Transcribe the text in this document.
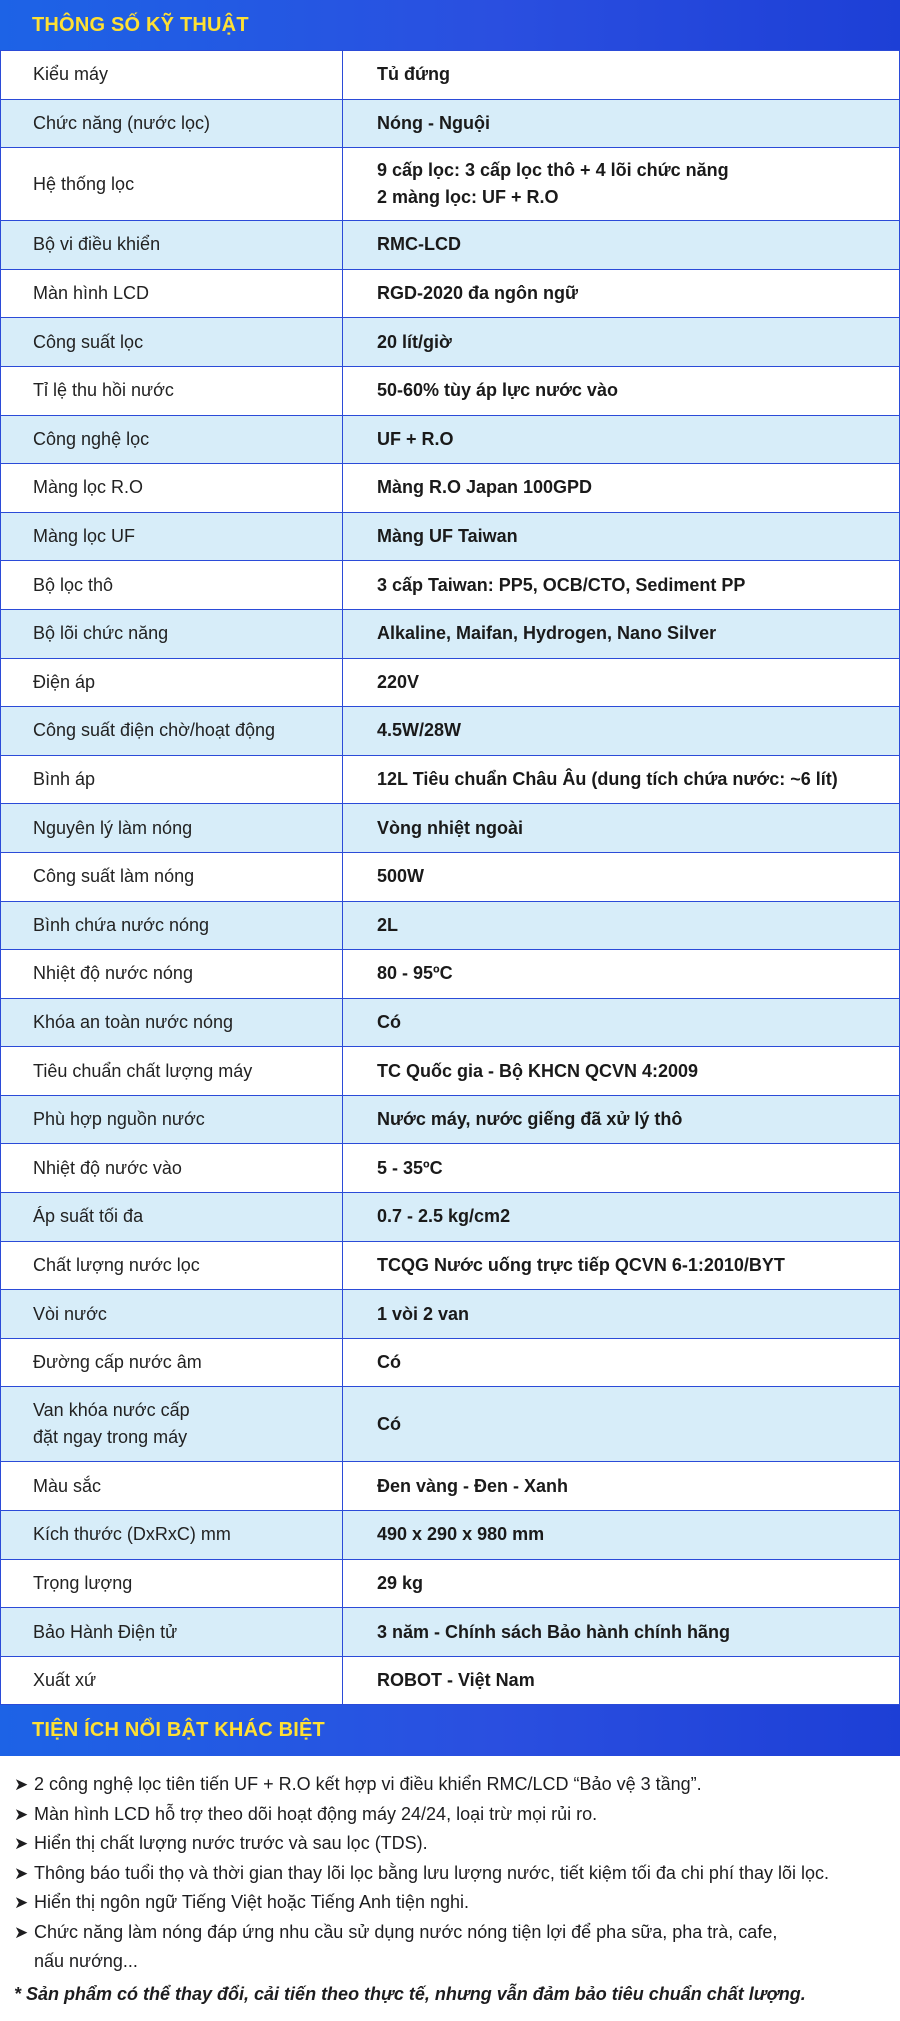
THÔNG SỐ KỸ THUẬT
Kiểu máy	Tủ đứng
Chức năng (nước lọc)	Nóng - Nguội
Hệ thống lọc	9 cấp lọc: 3 cấp lọc thô + 4 lõi chức năng
2 màng lọc: UF + R.O
Bộ vi điều khiển	RMC-LCD
Màn hình LCD	RGD-2020 đa ngôn ngữ
Công suất lọc	20 lít/giờ
Tỉ lệ thu hồi nước	50-60% tùy áp lực nước vào
Công nghệ lọc	UF + R.O
Màng lọc R.O	Màng R.O Japan 100GPD
Màng lọc UF	Màng UF Taiwan
Bộ lọc thô	3 cấp Taiwan: PP5, OCB/CTO, Sediment PP
Bộ lõi chức năng	Alkaline, Maifan, Hydrogen, Nano Silver
Điện áp	220V
Công suất điện chờ/hoạt động	4.5W/28W
Bình áp	12L Tiêu chuẩn Châu Âu (dung tích chứa nước: ~6 lít)
Nguyên lý làm nóng	Vòng nhiệt ngoài
Công suất làm nóng	500W
Bình chứa nước nóng	2L
Nhiệt độ nước nóng	80 - 95ºC
Khóa an toàn nước nóng	Có
Tiêu chuẩn chất lượng máy	TC Quốc gia - Bộ KHCN QCVN 4:2009
Phù hợp nguồn nước	Nước máy, nước giếng đã xử lý thô
Nhiệt độ nước vào	5 - 35ºC
Áp suất tối đa	0.7 - 2.5 kg/cm2
Chất lượng nước lọc	TCQG Nước uống trực tiếp QCVN 6-1:2010/BYT
Vòi nước	1 vòi 2 van
Đường cấp nước âm	Có
Van khóa nước cấp
đặt ngay trong máy	Có
Màu sắc	Đen vàng - Đen - Xanh
Kích thước (DxRxC) mm	490 x 290 x 980 mm
Trọng lượng	29 kg
Bảo Hành Điện tử	3 năm - Chính sách Bảo hành chính hãng
Xuất xứ	ROBOT - Việt Nam
TIỆN ÍCH NỔI BẬT KHÁC BIỆT
➤ 2 công nghệ lọc tiên tiến UF + R.O kết hợp vi điều khiển RMC/LCD “Bảo vệ 3 tầng”.
➤ Màn hình LCD hỗ trợ theo dõi hoạt động máy 24/24, loại trừ mọi rủi ro.
➤ Hiển thị chất lượng nước trước và sau lọc (TDS).
➤ Thông báo tuổi thọ và thời gian thay lõi lọc bằng lưu lượng nước, tiết kiệm tối đa chi phí thay lõi lọc.
➤ Hiển thị ngôn ngữ Tiếng Việt hoặc Tiếng Anh tiện nghi.
➤ Chức năng làm nóng đáp ứng nhu cầu sử dụng nước nóng tiện lợi để pha sữa, pha trà, cafe,
nấu nướng...
* Sản phẩm có thể thay đổi, cải tiến theo thực tế, nhưng vẫn đảm bảo tiêu chuẩn chất lượng.
